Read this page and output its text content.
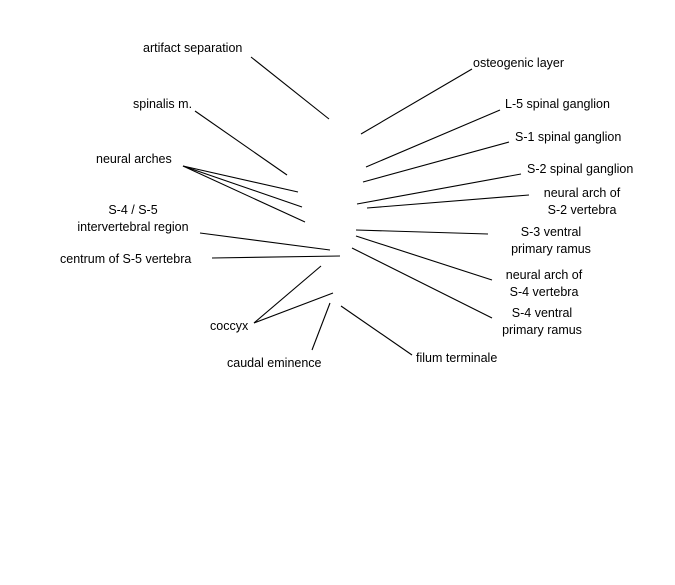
artifact separation
spinalis m.
neural arches
S-4 / S-5
intervertebral region
centrum of S-5 vertebra
coccyx
caudal eminence	filum terminale
osteogenic layer
L-5 spinal ganglion
S-1 spinal ganglion
S-2 spinal ganglion
neural arch of
S-2 vertebra
S-3 ventral
primary ramus
neural arch of
S-4 vertebra
S-4 ventral
primary ramus
